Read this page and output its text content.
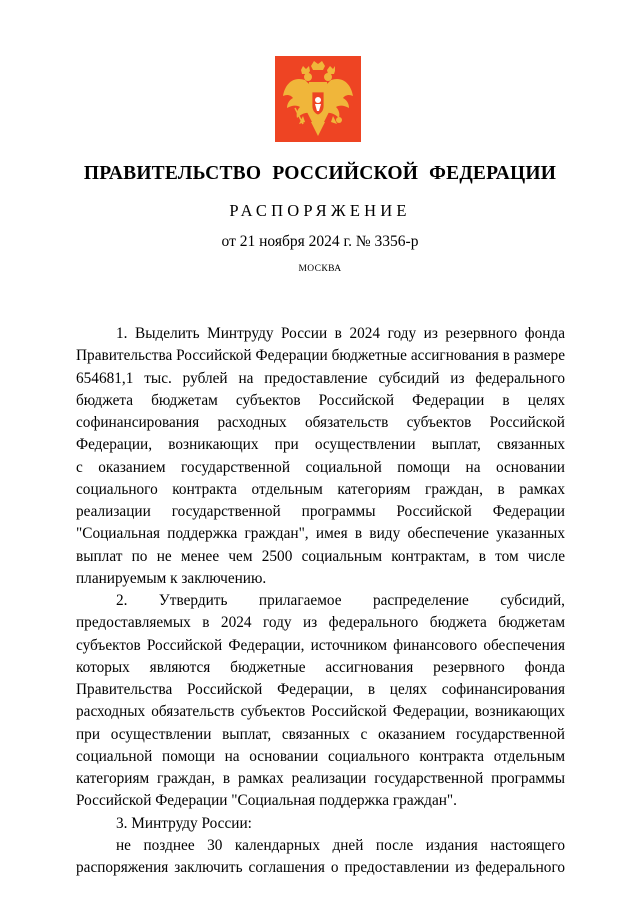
ПРАВИТЕЛЬСТВО РОССИЙСКОЙ ФЕДЕРАЦИИ
РАСПОРЯЖЕНИЕ
от 21 ноября 2024 г. № 3356-р
МОСКВА
1. Выделить Минтруду России в 2024 году из резервного фонда
Правительства Российской Федерации бюджетные ассигнования в размере
654681,1 тыс. рублей на предоставление субсидий из федерального
бюджета бюджетам субъектов Российской Федерации в целях
софинансирования расходных обязательств субъектов Российской
Федерации, возникающих при осуществлении выплат, связанных
с оказанием государственной социальной помощи на основании
социального контракта отдельным категориям граждан, в рамках
реализации государственной программы Российской Федерации
"Социальная поддержка граждан", имея в виду обеспечение указанных
выплат по не менее чем 2500 социальным контрактам, в том числе
планируемым к заключению.
2. Утвердить прилагаемое распределение субсидий,
предоставляемых в 2024 году из федерального бюджета бюджетам
субъектов Российской Федерации, источником финансового обеспечения
которых являются бюджетные ассигнования резервного фонда
Правительства Российской Федерации, в целях софинансирования
расходных обязательств субъектов Российской Федерации, возникающих
при осуществлении выплат, связанных с оказанием государственной
социальной помощи на основании социального контракта отдельным
категориям граждан, в рамках реализации государственной программы
Российской Федерации "Социальная поддержка граждан".
3. Минтруду России:
не позднее 30 календарных дней после издания настоящего
распоряжения заключить соглашения о предоставлении из федерального
